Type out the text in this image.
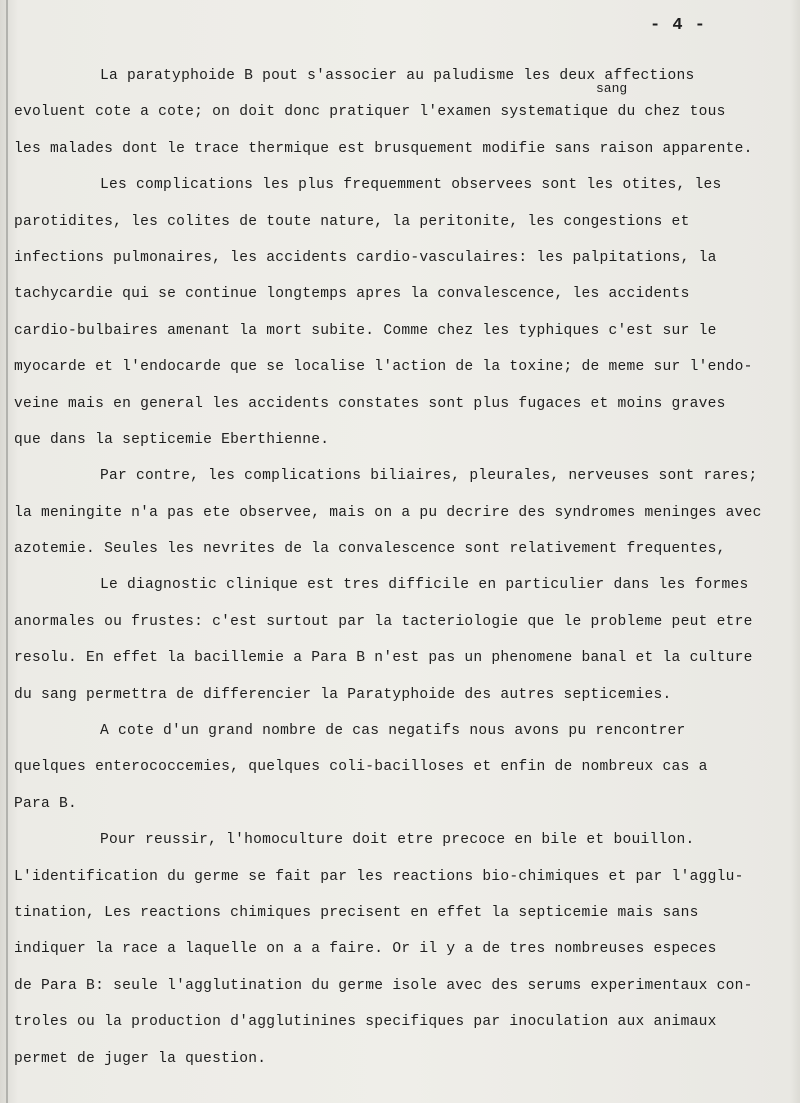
- 4 -
sang
La paratyphoide B pout s'associer au paludisme les deux affections
evoluent cote a cote; on doit donc pratiquer l'examen systematique du chez tous
les malades dont le trace thermique est brusquement modifie sans raison apparente.
Les complications les plus frequemment observees sont les otites, les
parotidites, les colites de toute nature, la peritonite, les congestions et
infections pulmonaires, les accidents cardio-vasculaires: les palpitations, la
tachycardie qui se continue longtemps apres la convalescence, les accidents
cardio-bulbaires amenant la mort subite. Comme chez les typhiques c'est sur le
myocarde et l'endocarde que se localise l'action de la toxine; de meme sur l'endo-
veine mais en general les accidents constates sont plus fugaces et moins graves
que dans la septicemie Eberthienne.
Par contre, les complications biliaires, pleurales, nerveuses sont rares;
la meningite n'a pas ete observee, mais on a pu decrire des syndromes meninges avec
azotemie. Seules les nevrites de la convalescence sont relativement frequentes,
Le diagnostic clinique est tres difficile en particulier dans les formes
anormales ou frustes: c'est surtout par la tacteriologie que le probleme peut etre
resolu. En effet la bacillemie a Para B n'est pas un phenomene banal et la culture
du sang permettra de differencier la Paratyphoide des autres septicemies.
A cote d'un grand nombre de cas negatifs nous avons pu rencontrer
quelques enterococcemies, quelques coli-bacilloses et enfin de nombreux cas a
Para B.
Pour reussir, l'homoculture doit etre precoce en bile et bouillon.
L'identification du germe se fait par les reactions bio-chimiques et par l'agglu-
tination, Les reactions chimiques precisent en effet la septicemie mais sans
indiquer la race a laquelle on a a faire. Or il y a de tres nombreuses especes
de Para B: seule l'agglutination du germe isole avec des serums experimentaux con-
troles ou la production d'agglutinines specifiques par inoculation aux animaux
permet de juger la question.
